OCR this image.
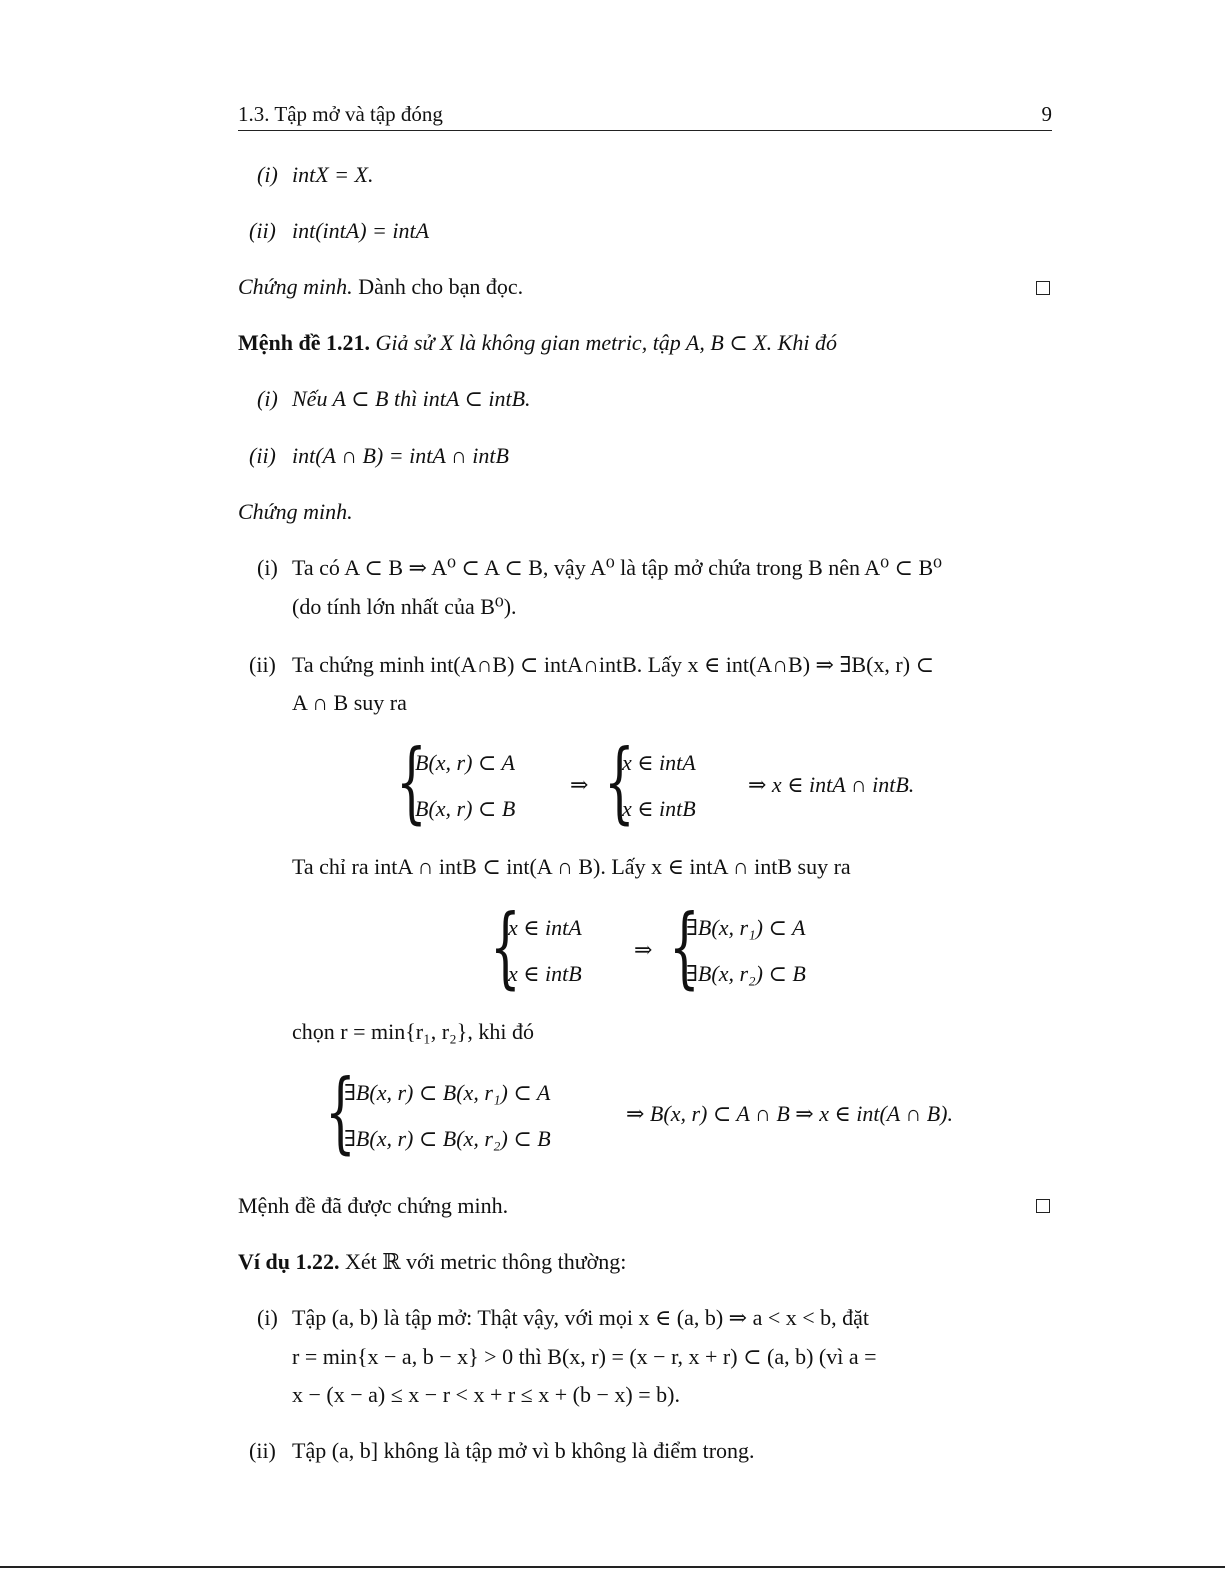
1.3. Tập mở và tập đóng	9
(i) intX = X.
(ii) int(intA) = intA
Chứng minh. Dành cho bạn đọc.
Mệnh đề 1.21. Giả sử X là không gian metric, tập A, B ⊂ X. Khi đó
(i) Nếu A ⊂ B thì intA ⊂ intB.
(ii) int(A ∩ B) = intA ∩ intB
Chứng minh.
(i) Ta có A ⊂ B ⇒ A⁰ ⊂ A ⊂ B, vậy A⁰ là tập mở chứa trong B nên A⁰ ⊂ B⁰
(do tính lớn nhất của B⁰).
(ii) Ta chứng minh int(A∩B) ⊂ intA∩intB. Lấy x ∈ int(A∩B) ⇒ ∃B(x, r) ⊂
A ∩ B suy ra
{
B(x, r) ⊂ A
B(x, r) ⊂ B
⇒ {
x ∈ intA
x ∈ intB
⇒ x ∈ intA ∩ intB.
Ta chỉ ra intA ∩ intB ⊂ int(A ∩ B). Lấy x ∈ intA ∩ intB suy ra
{
x ∈ intA
x ∈ intB
⇒ {
∃B(x, r₁) ⊂ A
∃B(x, r₂) ⊂ B
chọn r = min{r₁, r₂}, khi đó
{
∃B(x, r) ⊂ B(x, r₁) ⊂ A
∃B(x, r) ⊂ B(x, r₂) ⊂ B
⇒ B(x, r) ⊂ A ∩ B ⇒ x ∈ int(A ∩ B).
Mệnh đề đã được chứng minh.
Ví dụ 1.22. Xét ℝ với metric thông thường:
(i) Tập (a, b) là tập mở: Thật vậy, với mọi x ∈ (a, b) ⇒ a < x < b, đặt
r = min{x − a, b − x} > 0 thì B(x, r) = (x − r, x + r) ⊂ (a, b) (vì a =
x − (x − a) ≤ x − r < x + r ≤ x + (b − x) = b).
(ii) Tập (a, b] không là tập mở vì b không là điểm trong.
